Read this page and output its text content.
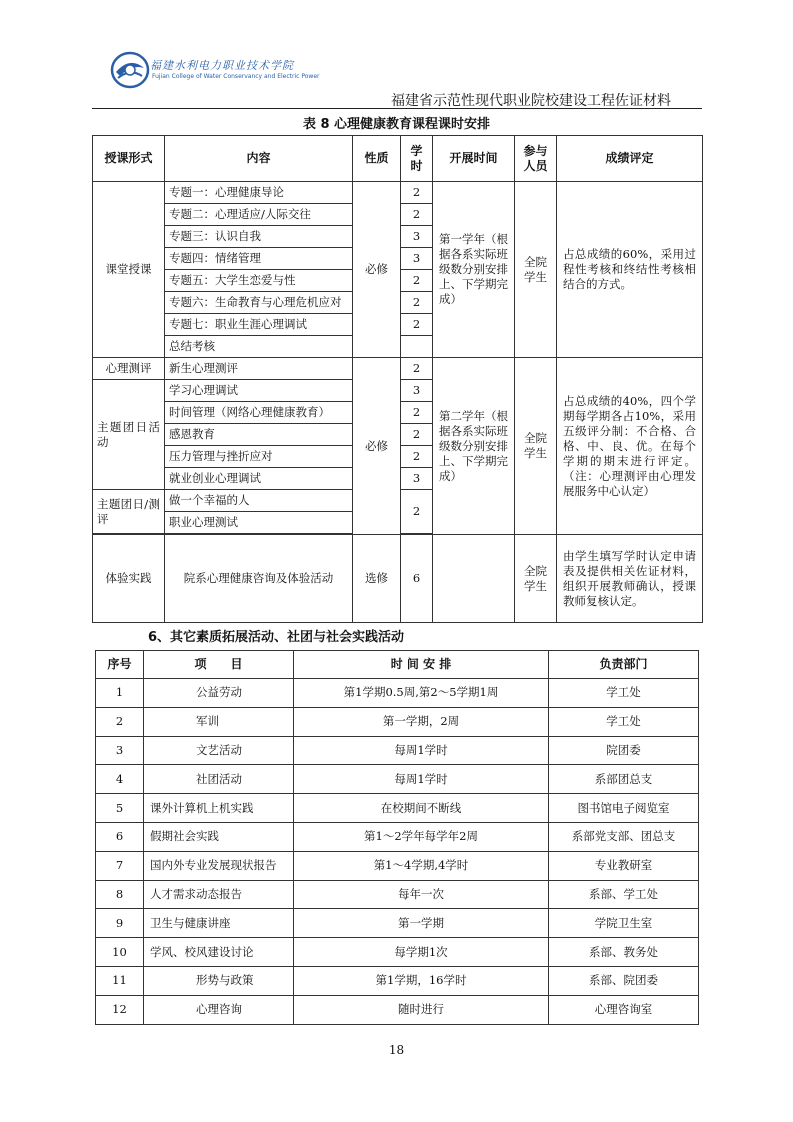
福建水利电力职业技术学院
Fujian College of Water Conservancy and Electric Power
福建省示范性现代职业院校建设工程佐证材料
表 8 心理健康教育课程课时安排
授课形式	内容	性质	学时	开展时间	参与人员	成绩评定
课堂授课	专题一：心理健康导论	必修	2	第一学年（根据各系实际班级数分别安排上、下学期完成）	全院学生	占总成绩的60%，采用过程性考核和终结性考核相结合的方式。
	专题二：心理适应/人际交往		2			
	专题三：认识自我		3			
	专题四：情绪管理		3			
	专题五：大学生恋爱与性		2			
	专题六：生命教育与心理危机应对		2			
	专题七：职业生涯心理调试		2			
	总结考核					
心理测评	新生心理测评	必修	2	第二学年（根据各系实际班级数分别安排上、下学期完成）	全院学生	占总成绩的40%，四个学期每学期各占10%，采用五级评分制：不合格、合格、中、良、优。在每个学期的期末进行评定。（注：心理测评由心理发展服务中心认定）
主题团日活动	学习心理调试		3			
	时间管理（网络心理健康教育）		2			
	感恩教育		2			
	压力管理与挫折应对		2			
	就业创业心理调试		3			
主题团日/测评	做一个幸福的人		2			
	职业心理测试					

体验实践	院系心理健康咨询及体验活动	选修	6		全院学生	由学生填写学时认定申请表及提供相关佐证材料，组织开展教师确认，授课教师复核认定。
6、其它素质拓展活动、社团与社会实践活动
序号	项　　目	时 间 安 排	负责部门
1	公益劳动	第1学期0.5周,第2～5学期1周	学工处
2	军训	第一学期，2周	学工处
3	文艺活动	每周1学时	院团委
4	社团活动	每周1学时	系部团总支
5	课外计算机上机实践	在校期间不断线	图书馆电子阅览室
6	假期社会实践	第1～2学年每学年2周	系部党支部、团总支
7	国内外专业发展现状报告	第1～4学期,4学时	专业教研室
8	人才需求动态报告	每年一次	系部、学工处
9	卫生与健康讲座	第一学期	学院卫生室
10	学风、校风建设讨论	每学期1次	系部、教务处
11	形势与政策	第1学期，16学时	系部、院团委
12	心理咨询	随时进行	心理咨询室
18
